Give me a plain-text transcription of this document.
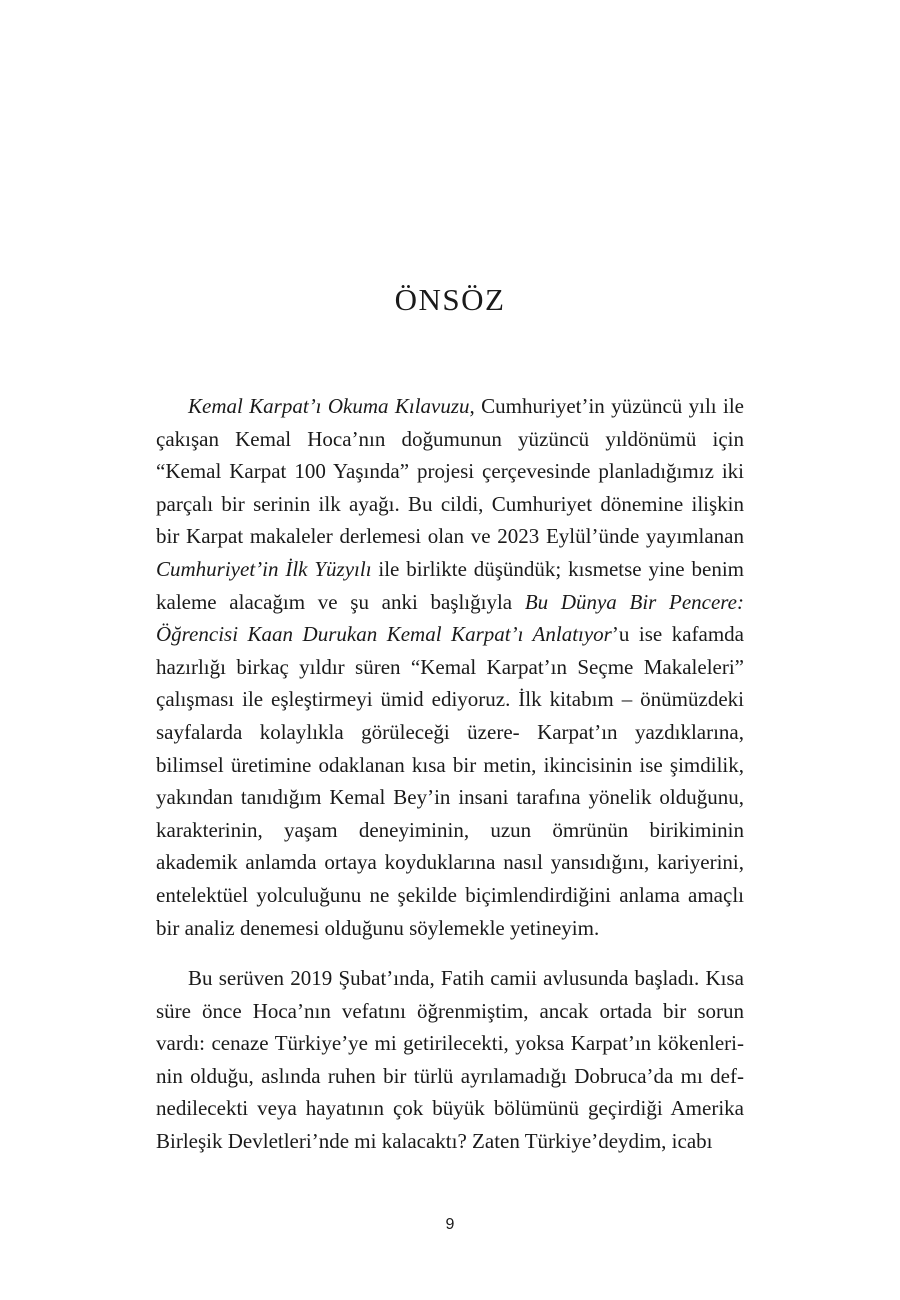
ÖNSÖZ

Kemal Karpat’ı Okuma Kılavuzu, Cumhuriyet’in yüzüncü yılı ile çakışan Kemal Hoca’nın doğumunun yüzüncü yıldönümü için “Kemal Karpat 100 Yaşında” projesi çerçevesinde planladığımız iki parçalı bir serinin ilk ayağı. Bu cildi, Cumhuriyet dönemine ilişkin bir Karpat makaleler derlemesi olan ve 2023 Eylül’ünde yayımlanan Cumhuriyet’in İlk Yüzyılı ile birlikte düşündük; kısmetse yine benim kaleme alacağım ve şu anki başlığıyla Bu Dünya Bir Pencere: Öğrencisi Kaan Durukan Kemal Karpat’ı Anlatıyor’u ise kafamda hazırlığı birkaç yıldır süren “Kemal Karpat’ın Seçme Makaleleri” çalışması ile eşleştirmeyi ümid ediyoruz. İlk kitabım – önümüzdeki sayfalarda kolaylıkla görüleceği üzere- Karpat’ın yazdıklarına, bilimsel üretimine odaklanan kısa bir metin, ikincisinin ise şimdilik, yakından tanıdığım Kemal Bey’in insani tarafına yönelik olduğunu, karakterinin, yaşam deneyiminin, uzun ömrünün birikiminin akademik anlamda ortaya koyduklarına nasıl yansıdığını, kariyerini, entelektüel yolculuğunu ne şekilde biçimlendirdiğini anlama amaçlı bir analiz denemesi olduğunu söylemekle yetineyim.

Bu serüven 2019 Şubat’ında, Fatih camii avlusunda başladı. Kısa süre önce Hoca’nın vefatını öğrenmiştim, ancak ortada bir sorun vardı: cenaze Türkiye’ye mi getirilecekti, yoksa Karpat’ın kökenlerinin olduğu, aslında ruhen bir türlü ayrılamadığı Dobruca’da mı defnedilecekti veya hayatının çok büyük bölümünü geçirdiği Amerika Birleşik Devletleri’nde mi kalacaktı? Zaten Türkiye’deydim, icabı

9
